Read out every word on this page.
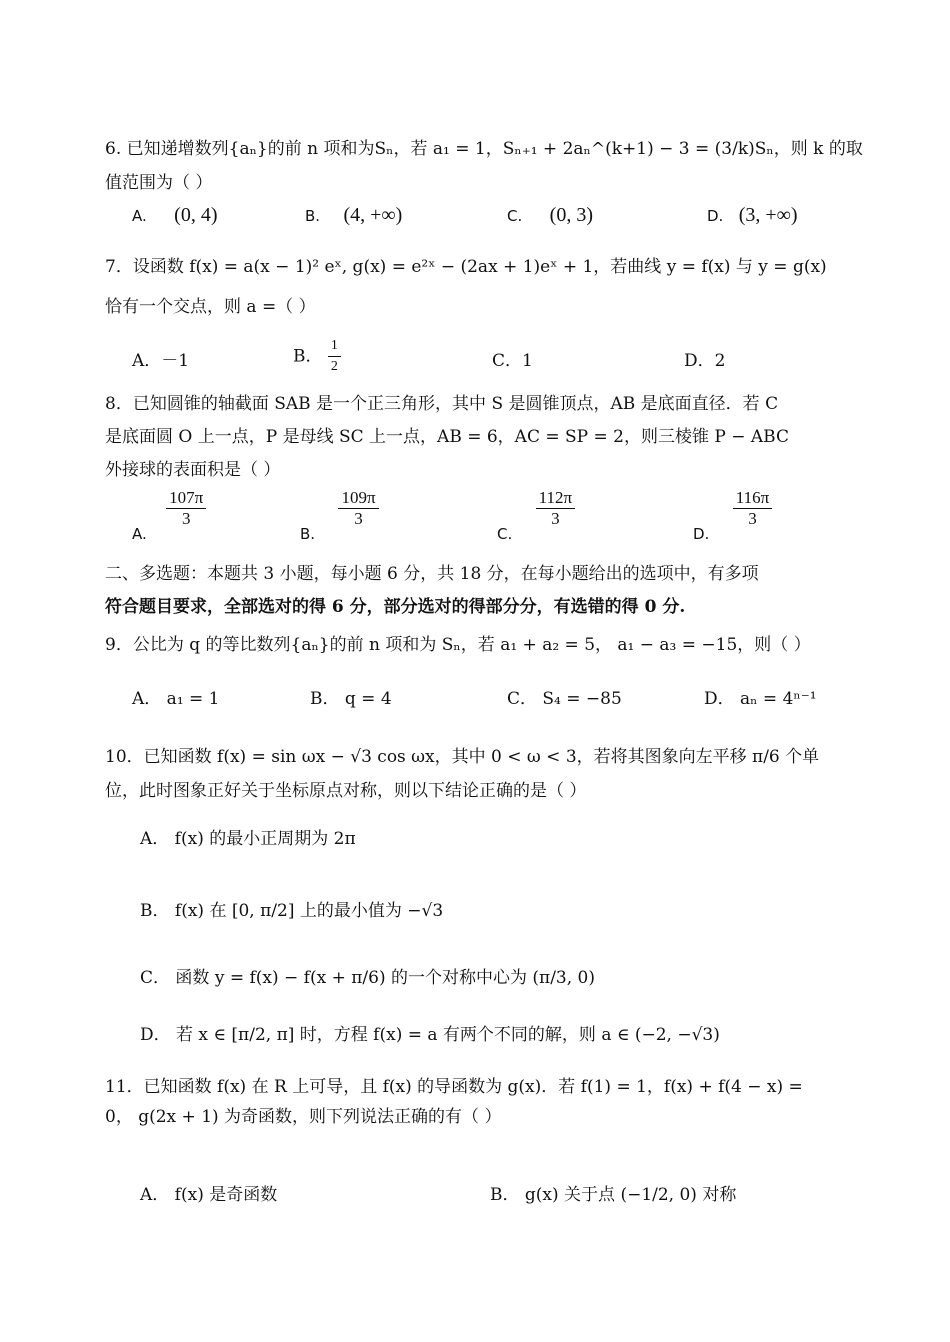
6. 已知递增数列{aₙ}的前 n 项和为Sₙ，若 a₁ = 1，Sₙ₊₁ + 2aₙ^(k+1) − 3 = (3/k)Sₙ，则 k 的取
值范围为（ ）
A. (0, 4)	B. (4, +∞)	C. (0, 3)	D. (3, +∞)
7．设函数 f(x) = a(x − 1)² eˣ, g(x) = e²ˣ − (2ax + 1)eˣ + 1，若曲线 y = f(x) 与 y = g(x)
恰有一个交点，则 a =（ ）
A．－1	B． $\frac{1}{2}$	C．1	D．2
8．已知圆锥的轴截面 SAB 是一个正三角形，其中 S 是圆锥顶点，AB 是底面直径．若 C
是底面圆 O 上一点，P 是母线 SC 上一点，AB = 6，AC = SP = 2，则三棱锥 P − ABC
外接球的表面积是（ ）
A.
$\frac{107\pi}{3}$
B.
$\frac{109\pi}{3}$
C.
$\frac{112\pi}{3}$
D.
$\frac{116\pi}{3}$
二、多选题：本题共 3 小题，每小题 6 分，共 18 分，在每小题给出的选项中，有多项
符合题目要求，全部选对的得 6 分，部分选对的得部分分，有选错的得 0 分.
9．公比为 q 的等比数列{aₙ}的前 n 项和为 Sₙ，若 a₁ + a₂ = 5， a₁ − a₃ = −15，则（ ）
A． a₁ = 1	B． q = 4	C． S₄ = −85	D． aₙ = 4ⁿ⁻¹
10．已知函数 f(x) = sin ωx − √3 cos ωx，其中 0 < ω < 3，若将其图象向左平移 π/6 个单
位，此时图象正好关于坐标原点对称，则以下结论正确的是（ ）
A． f(x) 的最小正周期为 2π
B． f(x) 在 [0, π/2] 上的最小值为 −√3
C． 函数 y = f(x) − f(x + π/6) 的一个对称中心为 (π/3, 0)
D． 若 x ∈ [π/2, π] 时，方程 f(x) = a 有两个不同的解，则 a ∈ (−2, −√3)
11．已知函数 f(x) 在 R 上可导，且 f(x) 的导函数为 g(x)．若 f(1) = 1，f(x) + f(4 − x) =
0， g(2x + 1) 为奇函数，则下列说法正确的有（ ）
A． f(x) 是奇函数	B． g(x) 关于点 (−1/2, 0) 对称
